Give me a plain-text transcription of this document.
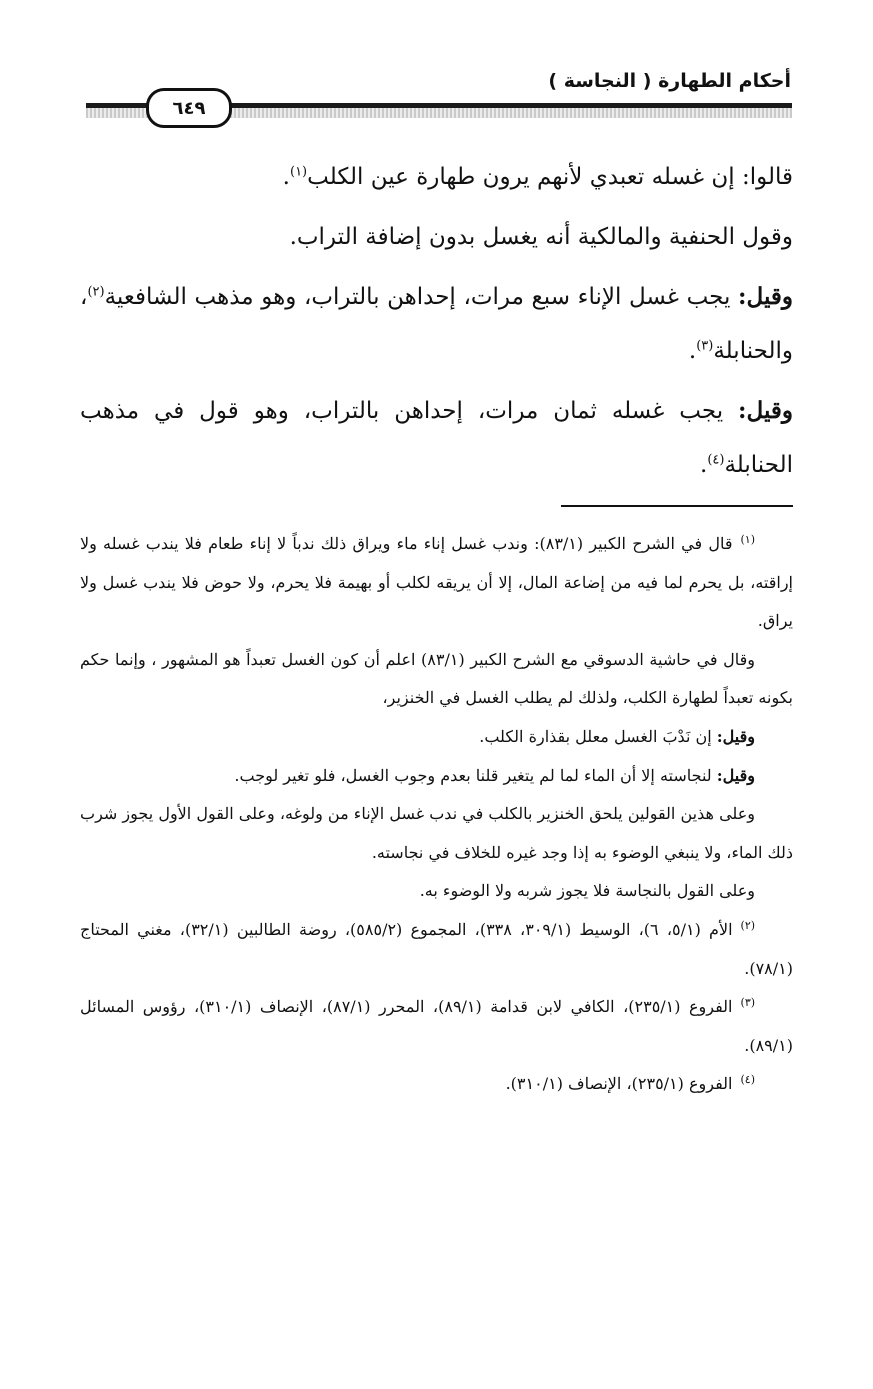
أحكام الطهارة ( النجاسة )
٦٤٩

قالوا: إن غسله تعبدي لأنهم يرون طهارة عين الكلب$^{(١)}$.

وقول الحنفية والمالكية أنه يغسل بدون إضافة التراب.

وقيل: يجب غسل الإناء سبع مرات، إحداهن بالتراب، وهو مذهب الشافعية$^{(٢)}$، والحنابلة$^{(٣)}$.

وقيل: يجب غسله ثمان مرات، إحداهن بالتراب، وهو قول في مذهب الحنابلة$^{(٤)}$.

$^{(١)}$قال في الشرح الكبير (٨٣/١): وندب غسل إناء ماء ويراق ذلك ندباً لا إناء طعام فلا يندب غسله ولا إراقته، بل يحرم لما فيه من إضاعة المال، إلا أن يريقه لكلب أو بهيمة فلا يحرم، ولا حوض فلا يندب غسل ولا يراق.

وقال في حاشية الدسوقي مع الشرح الكبير (٨٣/١) اعلم أن كون الغسل تعبداً هو المشهور ، وإنما حكم بكونه تعبداً لطهارة الكلب، ولذلك لم يطلب الغسل في الخنزير،

وقيل: إن نَدْبَ الغسل معلل بقذارة الكلب.

وقيل: لنجاسته إلا أن الماء لما لم يتغير قلنا بعدم وجوب الغسل، فلو تغير لوجب.

وعلى هذين القولين يلحق الخنزير بالكلب في ندب غسل الإناء من ولوغه، وعلى القول الأول يجوز شرب ذلك الماء، ولا ينبغي الوضوء به إذا وجد غيره للخلاف في نجاسته.

وعلى القول بالنجاسة فلا يجوز شربه ولا الوضوء به.

$^{(٢)}$الأم (٥/١، ٦)، الوسيط (٣٠٩/١، ٣٣٨)، المجموع (٥٨٥/٢)، روضة الطالبين (٣٢/١)، مغني المحتاج (٧٨/١).

$^{(٣)}$الفروع (٢٣٥/١)، الكافي لابن قدامة (٨٩/١)، المحرر (٨٧/١)، الإنصاف (٣١٠/١)، رؤوس المسائل (٨٩/١).

$^{(٤)}$الفروع (٢٣٥/١)، الإنصاف (٣١٠/١).
